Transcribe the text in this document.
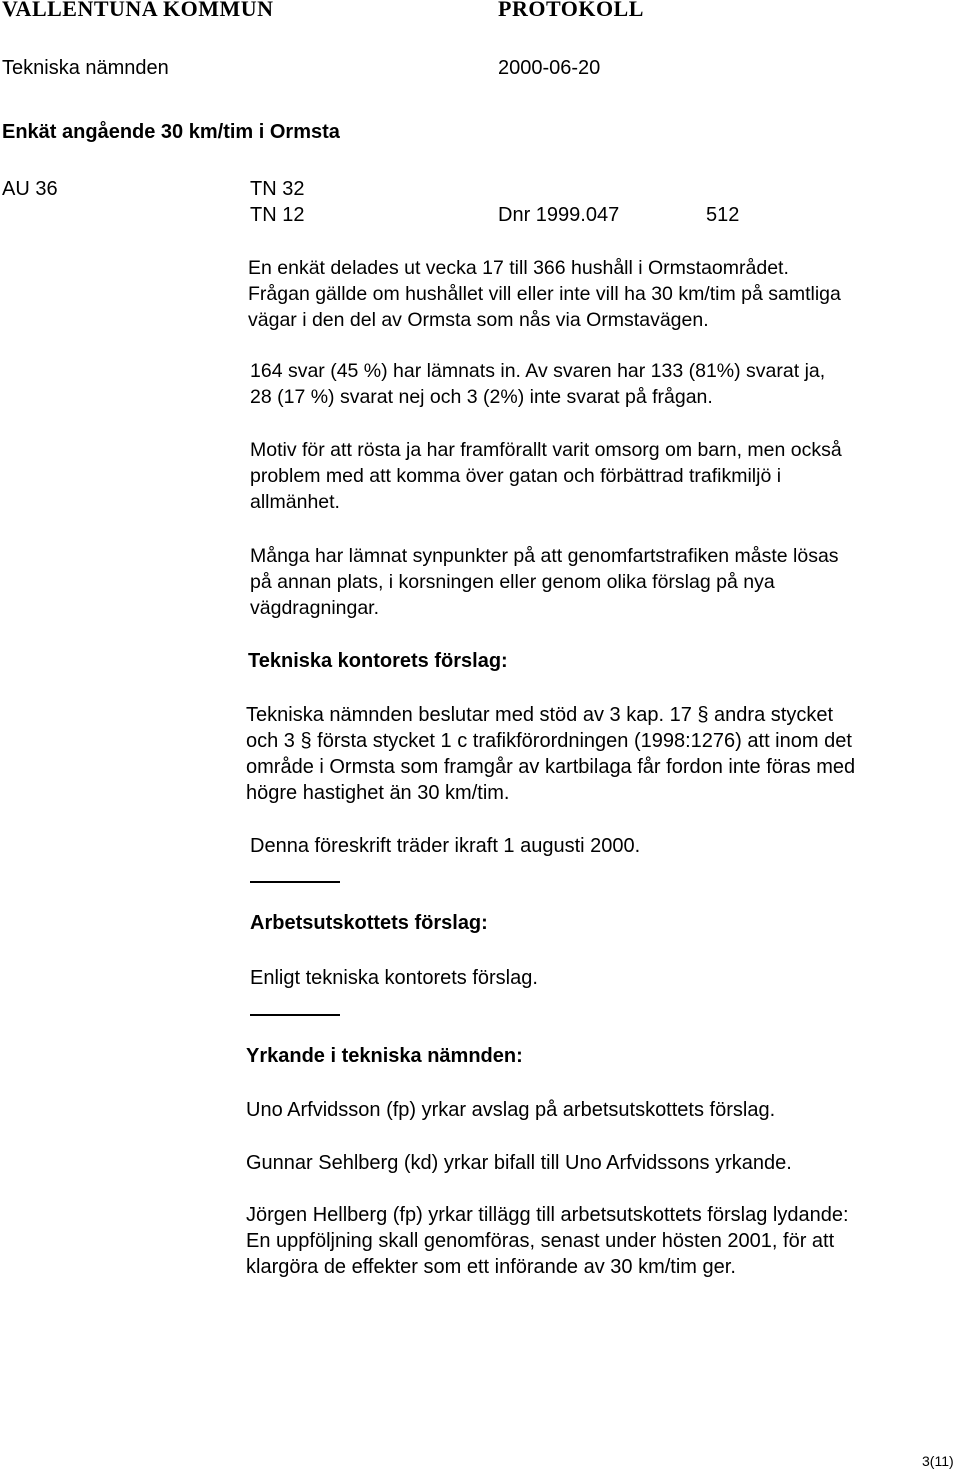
VALLENTUNA KOMMUN	PROTOKOLL
Tekniska nämnden	2000-06-20
Enkät angående 30 km/tim i Ormsta
AU 36	TN 32
TN 12	Dnr 1999.047	512
En enkät delades ut vecka 17 till 366 hushåll i Ormstaområdet.
Frågan gällde om hushållet vill eller inte vill ha 30 km/tim på samtliga
vägar i den del av Ormsta som nås via Ormstavägen.
164 svar (45 %) har lämnats in. Av svaren har 133 (81%) svarat ja,
28 (17 %) svarat nej och 3 (2%) inte svarat på frågan.
Motiv för att rösta ja har framförallt varit omsorg om barn, men också
problem med att komma över gatan och förbättrad trafikmiljö i
allmänhet.
Många har lämnat synpunkter på att genomfartstrafiken måste lösas
på annan plats, i korsningen eller genom olika förslag på nya
vägdragningar.
Tekniska kontorets förslag:
Tekniska nämnden beslutar med stöd av 3 kap. 17 § andra stycket
och 3 § första stycket 1 c trafikförordningen (1998:1276) att inom det
område i Ormsta som framgår av kartbilaga får fordon inte föras med
högre hastighet än 30 km/tim.
Denna föreskrift träder ikraft 1 augusti 2000.
Arbetsutskottets förslag:
Enligt tekniska kontorets förslag.
Yrkande i tekniska nämnden:
Uno Arfvidsson (fp) yrkar avslag på arbetsutskottets förslag.
Gunnar Sehlberg (kd) yrkar bifall till Uno Arfvidssons yrkande.
Jörgen Hellberg (fp) yrkar tillägg till arbetsutskottets förslag lydande:
En uppföljning skall genomföras, senast under hösten 2001, för att
klargöra de effekter som ett införande av 30 km/tim ger.
3(11)
